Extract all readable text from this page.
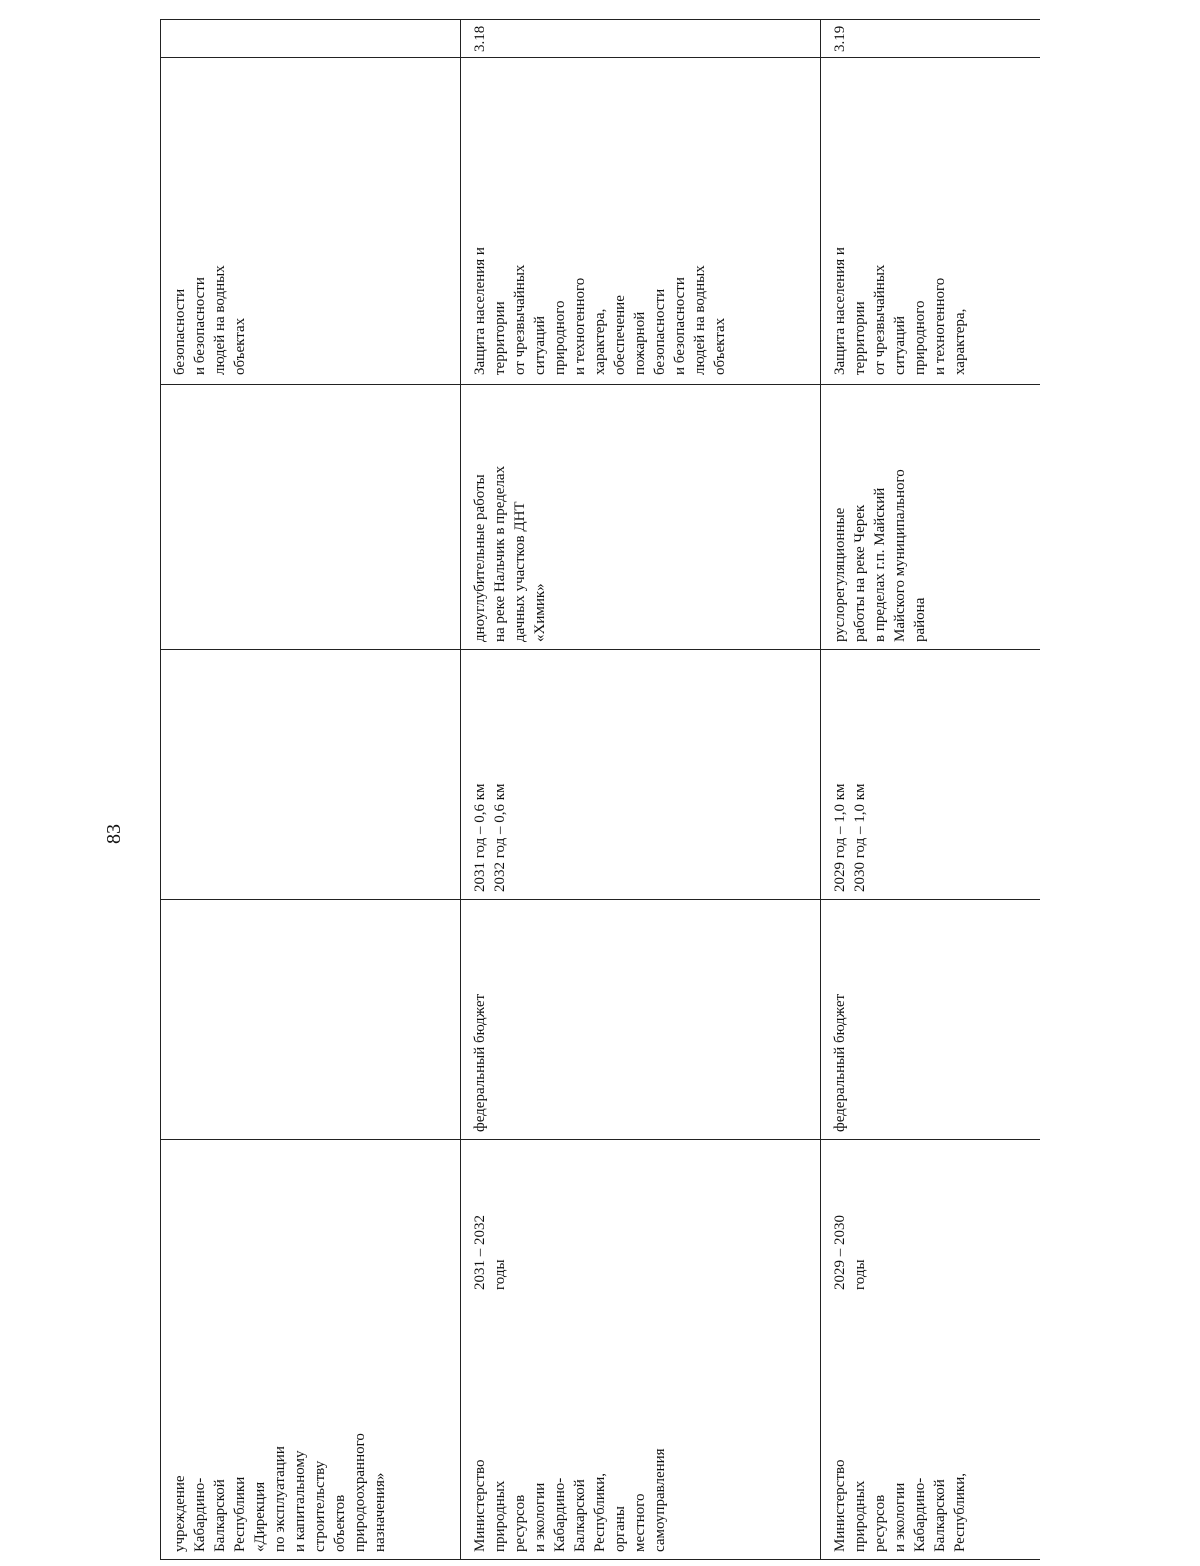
83
безопасности
и безопасности
людей на водных
объектах
учреждение
Кабардино-
Балкарской
Республики
«Дирекция
по эксплуатации
и капитальному
строительству
объектов
природоохранного
назначения»
3.18
Защита населения и
территории
от чрезвычайных
ситуаций
природного
и техногенного
характера,
обеспечение
пожарной
безопасности
и безопасности
людей на водных
объектах
дноуглубительные работы
на реке Нальчик в пределах
дачных участков ДНТ
«Химик»
2031 год – 0,6 км
2032 год – 0,6 км
федеральный бюджет
2031 – 2032
годы
Министерство
природных
ресурсов
и экологии
Кабардино-
Балкарской
Республики,
органы
местного
самоуправления
3.19
Защита населения и
территории
от чрезвычайных
ситуаций
природного
и техногенного
характера,
руслорегуляционные
работы на реке Черек
в пределах г.п. Майский
Майского муниципального
района
2029 год – 1,0 км
2030 год – 1,0 км
федеральный бюджет
2029 – 2030
годы
Министерство
природных
ресурсов
и экологии
Кабардино-
Балкарской
Республики,
